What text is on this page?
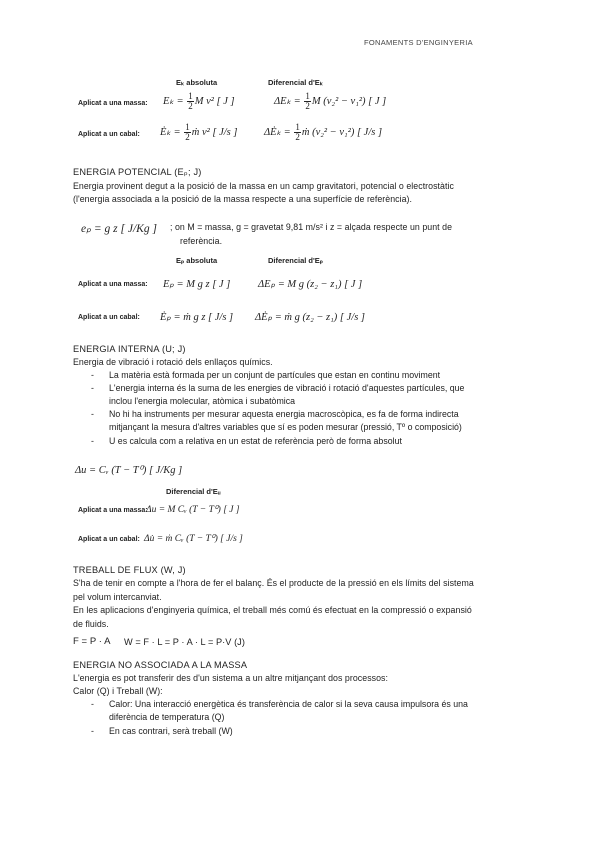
FONAMENTS D'ENGINYERIA
Eₖ absoluta	Diferencial d'Eₖ
Aplicat a una massa: $E_k = \frac{1}{2}$ M v² [ J ]	$\Delta E_k = \frac{1}{2}$ M (v₂² − v₁²) [ J ]
Aplicat a un cabal: Ėₖ = $\frac{1}{2}$ ṁ v² [ J/s ]	ΔĖₖ = $\frac{1}{2}$ ṁ (v₂² − v₁²) [ J/s ]
ENERGIA POTENCIAL (Eₚ; J)
Energia provinent degut a la posició de la massa en un camp gravitatori, potencial o electrostàtic
(l'energia associada a la posició de la massa respecte a una superfície de referència).
eₚ = g z [ J/Kg ] ; on M = massa, g = gravetat 9,81 m/s² i z = alçada respecte un punt de
referència.
Eₚ absoluta	Diferencial d'Eₚ
Aplicat a una massa: Eₚ = M g z [ J ]	ΔEₚ = M g (z₂ − z₁) [ J ]
Aplicat a un cabal: Ėₚ = ṁ g z [ J/s ] ΔĖₚ = ṁ g (z₂ − z₁) [ J/s ]
ENERGIA INTERNA (U; J)
Energia de vibració i rotació dels enllaços químics.
- La matèria està formada per un conjunt de partícules que estan en continu moviment
- L'energia interna és la suma de les energies de vibració i rotació d'aquestes partícules, que
inclou l'energia molecular, atòmica i subatòmica
- No hi ha instruments per mesurar aquesta energia macroscòpica, es fa de forma indirecta
mitjançant la mesura d'altres variables que sí es poden mesurar (pressió, Tº o composició)
- U es calcula com a relativa en un estat de referència però de forma absolut
Δu = Cᵥ (T − T⁰) [ J/Kg ]
Diferencial d'Eᵤ
Aplicat a una massa:
Δu = M Cᵥ (T − T⁰) [ J ]
Aplicat a un cabal: Δu̇ = ṁ Cᵥ (T − T⁰) [ J/s ]
TREBALL DE FLUX (W, J)
S'ha de tenir en compte a l'hora de fer el balanç. És el producte de la pressió en els límits del sistema
pel volum intercanviat.
En les aplicacions d'enginyeria química, el treball més comú és efectuat en la compressió o expansió
de fluids.
F = P · A W = F · L = P · A · L = P·V (J)
ENERGIA NO ASSOCIADA A LA MASSA
L'energia es pot transferir des d'un sistema a un altre mitjançant dos processos:
Calor (Q) i Treball (W):
- Calor: Una interacció energètica és transferència de calor si la seva causa impulsora és una
diferència de temperatura (Q)
- En cas contrari, serà treball (W)
